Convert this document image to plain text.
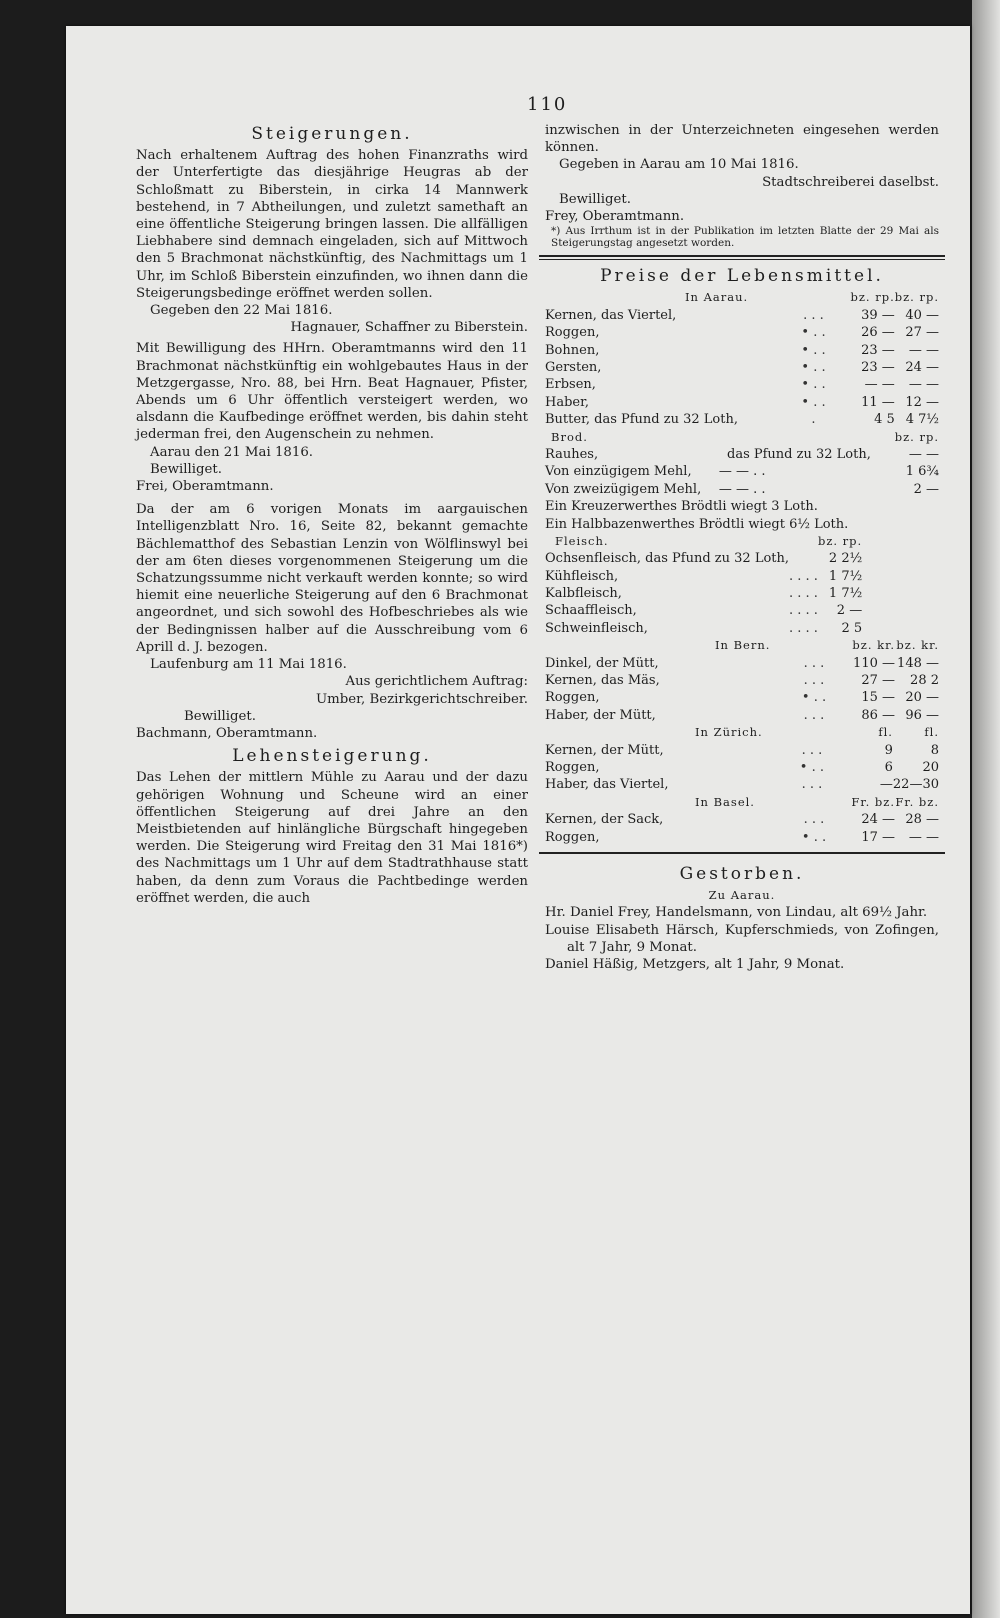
110
Steigerungen.

Nach erhaltenem Auftrag des hohen Finanzraths wird der Unterfertigte das diesjährige Heugras ab der Schloßmatt zu Biberstein, in cirka 14 Mannwerk bestehend, in 7 Abtheilungen, und zuletzt samethaft an eine öffentliche Steigerung bringen lassen. Die allfälligen Liebhabere sind demnach eingeladen, sich auf Mittwoch den 5 Brachmonat nächstkünftig, des Nachmittags um 1 Uhr, im Schloß Biberstein einzufinden, wo ihnen dann die Steigerungsbedinge eröffnet werden sollen.

Gegeben den 22 Mai 1816.

Hagnauer, Schaffner zu Biberstein.

Mit Bewilligung des HHrn. Oberamtmanns wird den 11 Brachmonat nächstkünftig ein wohlgebautes Haus in der Metzgergasse, Nro. 88, bei Hrn. Beat Hagnauer, Pfister, Abends um 6 Uhr öffentlich versteigert werden, wo alsdann die Kaufbedinge eröffnet werden, bis dahin steht jederman frei, den Augenschein zu nehmen.

Aarau den 21 Mai 1816.

Bewilliget.

Frei, Oberamtmann.

Da der am 6 vorigen Monats im aargauischen Intelligenzblatt Nro. 16, Seite 82, bekannt gemachte Bächlematthof des Sebastian Lenzin von Wölflinswyl bei der am 6ten dieses vorgenommenen Steigerung um die Schatzungssumme nicht verkauft werden konnte; so wird hiemit eine neuerliche Steigerung auf den 6 Brachmonat angeordnet, und sich sowohl des Hofbeschriebes als wie der Bedingnissen halber auf die Ausschreibung vom 6 Aprill d. J. bezogen.

Laufenburg am 11 Mai 1816.

Aus gerichtlichem Auftrag:

Umber, Bezirkgerichtschreiber.

Bewilliget.

Bachmann, Oberamtmann.

Lehensteigerung.

Das Lehen der mittlern Mühle zu Aarau und der dazu gehörigen Wohnung und Scheune wird an einer öffentlichen Steigerung auf drei Jahre an den Meistbietenden auf hinlängliche Bürgschaft hingegeben werden. Die Steigerung wird Freitag den 31 Mai 1816*) des Nachmittags um 1 Uhr auf dem Stadtrathhause statt haben, da denn zum Voraus die Pachtbedinge werden eröffnet werden, die auch

inzwischen in der Unterzeichneten eingesehen werden können.

Gegeben in Aarau am 10 Mai 1816.

Stadtschreiberei daselbst.

Bewilliget.

Frey, Oberamtmann.

*) Aus Irrthum ist in der Publikation im letzten Blatte der 29 Mai als Steigerungstag angesetzt worden.

Preise der Lebensmittel.
In Aarau.		bz. rp.	bz. rp.
Kernen, das Viertel,	. . .	39 —	40 —
Roggen,	• . .	26 —	27 —
Bohnen,	• . .	23 —	— —
Gersten,	• . .	23 —	24 —
Erbsen,	• . .	— —	— —
Haber,	• . .	11 —	12 —
Butter, das Pfund zu 32 Loth,	.	4 5	4 7½
Brod.		bz. rp.
Rauhes,	das Pfund zu 32 Loth,	— —
Von einzügigem Mehl,	— — . .	1 6¾
Von zweizügigem Mehl,	— — . .	2 —

Ein Kreuzerwerthes Brödtli wiegt 3 Loth.

Ein Halbbazenwerthes Brödtli wiegt 6½ Loth.

Fleisch.		bz. rp.
Ochsenfleisch, das Pfund zu 32 Loth,		2 2½
Kühfleisch,	. . . .	1 7½
Kalbfleisch,	. . . .	1 7½
Schaaffleisch,	. . . .	2 —
Schweinfleisch,	. . . .	2 5
In Bern.		bz. kr.	bz. kr.
Dinkel, der Mütt,	. . .	110 —	148 —
Kernen, das Mäs,	. . .	27 —	28 2
Roggen,	• . .	15 —	20 —
Haber, der Mütt,	. . .	86 —	96 —
In Zürich.		fl.	fl.
Kernen, der Mütt,	. . .	9	8
Roggen,	• . .	6	20
Haber, das Viertel,	. . .	—	22—30
In Basel.		Fr. bz.	Fr. bz.
Kernen, der Sack,	. . .	24 —	28 —
Roggen,	• . .	17 —	— —
Gestorben.

Zu Aarau.

Hr. Daniel Frey, Handelsmann, von Lindau, alt 69½ Jahr.

Louise Elisabeth Härsch, Kupferschmieds, von Zofingen, alt 7 Jahr, 9 Monat.

Daniel Häßig, Metzgers, alt 1 Jahr, 9 Monat.
